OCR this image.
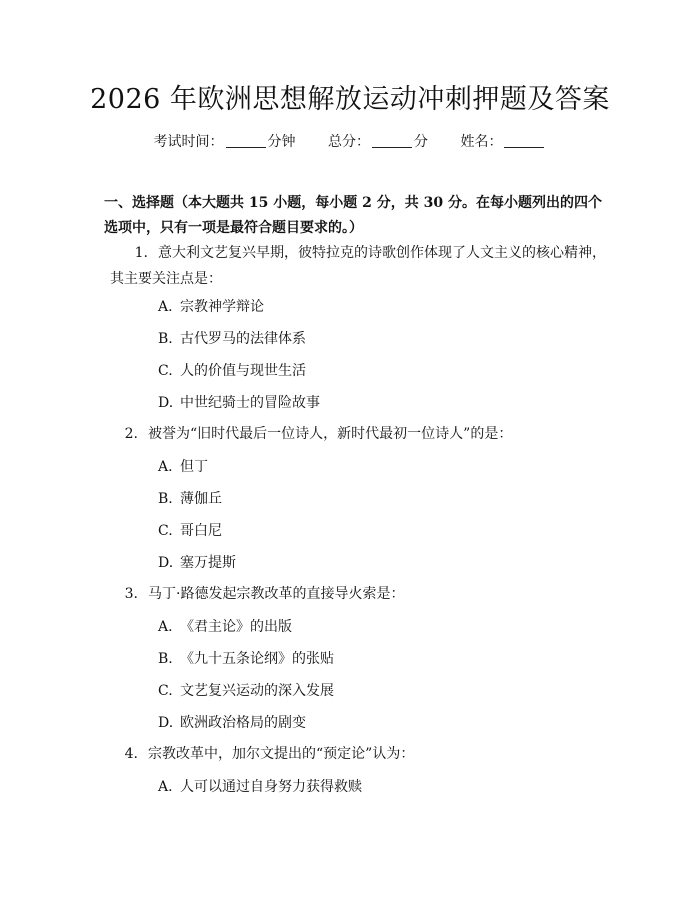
2026 年欧洲思想解放运动冲刺押题及答案
考试时间：	分钟 总分：	分 姓名：
一、选择题（本大题共 15 小题，每小题 2 分，共 30 分。在每小题列出的四个选项中，只有一项是最符合题目要求的。）
1. 意大利文艺复兴早期，彼特拉克的诗歌创作体现了人文主义的核心精神，其主要关注点是：
A. 宗教神学辩论
B. 古代罗马的法律体系
C. 人的价值与现世生活
D. 中世纪骑士的冒险故事
2. 被誉为“旧时代最后一位诗人，新时代最初一位诗人”的是：
A. 但丁
B. 薄伽丘
C. 哥白尼
D. 塞万提斯
3. 马丁·路德发起宗教改革的直接导火索是：
A. 《君主论》的出版
B. 《九十五条论纲》的张贴
C. 文艺复兴运动的深入发展
D. 欧洲政治格局的剧变
4. 宗教改革中，加尔文提出的“预定论”认为：
A. 人可以通过自身努力获得救赎
